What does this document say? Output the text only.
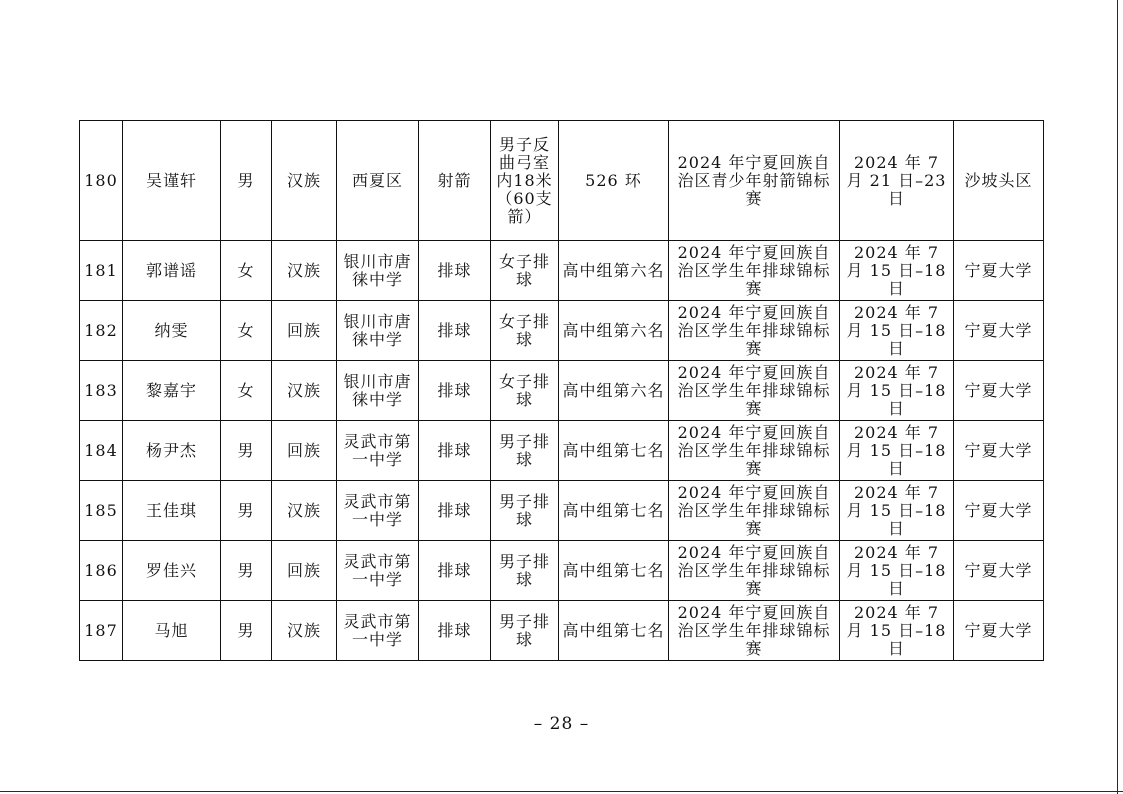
180	吴谨轩	男	汉族	西夏区	射箭	男子反曲弓室内18米（60支箭）	526 环	2024 年宁夏回族自治区青少年射箭锦标赛	2024 年 7 月 21 日–23 日	沙坡头区
181	郭谱谣	女	汉族	银川市唐徕中学	排球	女子排球	高中组第六名	2024 年宁夏回族自治区学生年排球锦标赛	2024 年 7 月 15 日–18 日	宁夏大学
182	纳雯	女	回族	银川市唐徕中学	排球	女子排球	高中组第六名	2024 年宁夏回族自治区学生年排球锦标赛	2024 年 7 月 15 日–18 日	宁夏大学
183	黎嘉宇	女	汉族	银川市唐徕中学	排球	女子排球	高中组第六名	2024 年宁夏回族自治区学生年排球锦标赛	2024 年 7 月 15 日–18 日	宁夏大学
184	杨尹杰	男	回族	灵武市第一中学	排球	男子排球	高中组第七名	2024 年宁夏回族自治区学生年排球锦标赛	2024 年 7 月 15 日–18 日	宁夏大学
185	王佳琪	男	汉族	灵武市第一中学	排球	男子排球	高中组第七名	2024 年宁夏回族自治区学生年排球锦标赛	2024 年 7 月 15 日–18 日	宁夏大学
186	罗佳兴	男	回族	灵武市第一中学	排球	男子排球	高中组第七名	2024 年宁夏回族自治区学生年排球锦标赛	2024 年 7 月 15 日–18 日	宁夏大学
187	马旭	男	汉族	灵武市第一中学	排球	男子排球	高中组第七名	2024 年宁夏回族自治区学生年排球锦标赛	2024 年 7 月 15 日–18 日	宁夏大学
– 28 –
